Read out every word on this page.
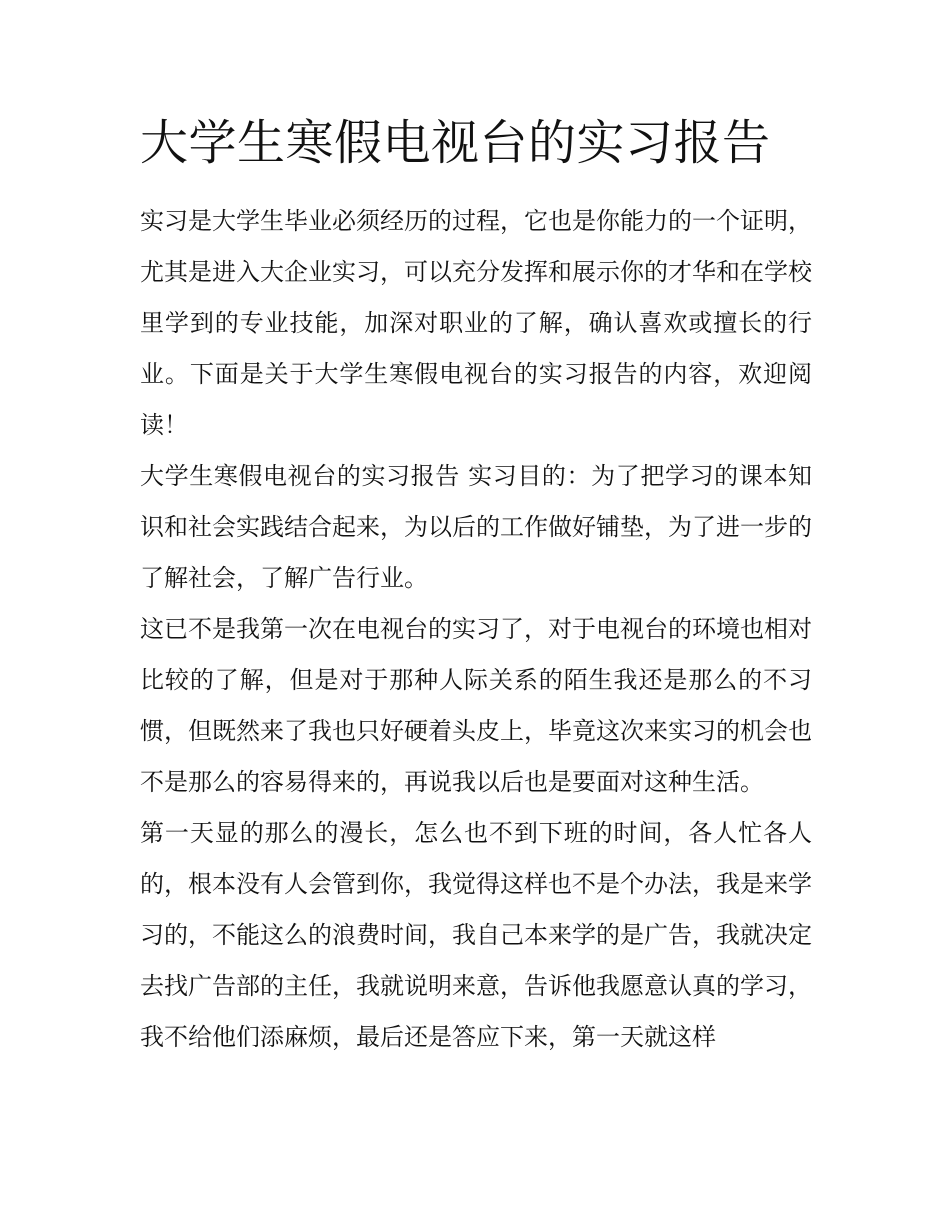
大学生寒假电视台的实习报告

实习是大学生毕业必须经历的过程，它也是你能力的一个证明，尤其是进入大企业实习，可以充分发挥和展示你的才华和在学校里学到的专业技能，加深对职业的了解，确认喜欢或擅长的行业。下面是关于大学生寒假电视台的实习报告的内容，欢迎阅读！

大学生寒假电视台的实习报告 实习目的：为了把学习的课本知识和社会实践结合起来，为以后的工作做好铺垫，为了进一步的了解社会，了解广告行业。

这已不是我第一次在电视台的实习了，对于电视台的环境也相对比较的了解，但是对于那种人际关系的陌生我还是那么的不习惯，但既然来了我也只好硬着头皮上，毕竟这次来实习的机会也不是那么的容易得来的，再说我以后也是要面对这种生活。

第一天显的那么的漫长，怎么也不到下班的时间，各人忙各人的，根本没有人会管到你，我觉得这样也不是个办法，我是来学习的，不能这么的浪费时间，我自己本来学的是广告，我就决定去找广告部的主任，我就说明来意，告诉他我愿意认真的学习，我不给他们添麻烦，最后还是答应下来，第一天就这样
